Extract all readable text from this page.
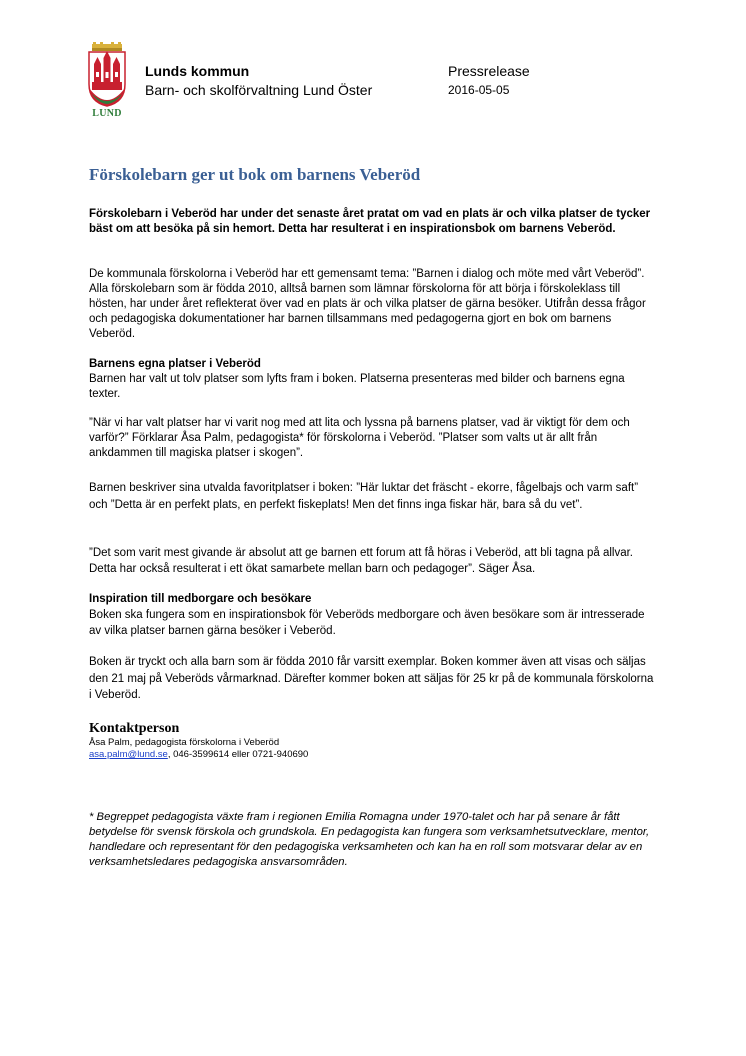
LUND
Lunds kommun
Barn- och skolförvaltning Lund Öster
Pressrelease
2016-05-05
Förskolebarn ger ut bok om barnens Veberöd

Förskolebarn i Veberöd har under det senaste året pratat om vad en plats är och vilka platser de tycker bäst om att besöka på sin hemort. Detta har resulterat i en inspirationsbok om barnens Veberöd.

De kommunala förskolorna i Veberöd har ett gemensamt tema: ”Barnen i dialog och möte med vårt Veberöd”. Alla förskolebarn som är födda 2010, alltså barnen som lämnar förskolorna för att börja i förskoleklass till hösten, har under året reflekterat över vad en plats är och vilka platser de gärna besöker. Utifrån dessa frågor och pedagogiska dokumentationer har barnen tillsammans med pedagogerna gjort en bok om barnens Veberöd.

Barnens egna platser i Veberöd

Barnen har valt ut tolv platser som lyfts fram i boken. Platserna presenteras med bilder och barnens egna texter.

”När vi har valt platser har vi varit nog med att lita och lyssna på barnens platser, vad är viktigt för dem och varför?” Förklarar Åsa Palm, pedagogista* för förskolorna i Veberöd. ”Platser som valts ut är allt från ankdammen till magiska platser i skogen”.

Barnen beskriver sina utvalda favoritplatser i boken: ”Här luktar det fräscht - ekorre, fågelbajs och varm saft” och ”Detta är en perfekt plats, en perfekt fiskeplats! Men det finns inga fiskar här, bara så du vet”.

”Det som varit mest givande är absolut att ge barnen ett forum att få höras i Veberöd, att bli tagna på allvar. Detta har också resulterat i ett ökat samarbete mellan barn och pedagoger”. Säger Åsa.

Inspiration till medborgare och besökare

Boken ska fungera som en inspirationsbok för Veberöds medborgare och även besökare som är intresserade av vilka platser barnen gärna besöker i Veberöd.

Boken är tryckt och alla barn som är födda 2010 får varsitt exemplar. Boken kommer även att visas och säljas den 21 maj på Veberöds vårmarknad. Därefter kommer boken att säljas för 25 kr på de kommunala förskolorna i Veberöd.

Kontaktperson

Åsa Palm, pedagogista förskolorna i Veberöd

asa.palm@lund.se, 046-3599614 eller 0721-940690

* Begreppet pedagogista växte fram i regionen Emilia Romagna under 1970-talet och har på senare år fått betydelse för svensk förskola och grundskola. En pedagogista kan fungera som verksamhetsutvecklare, mentor, handledare och representant för den pedagogiska verksamheten och kan ha en roll som motsvarar delar av en verksamhetsledares pedagogiska ansvarsområden.
